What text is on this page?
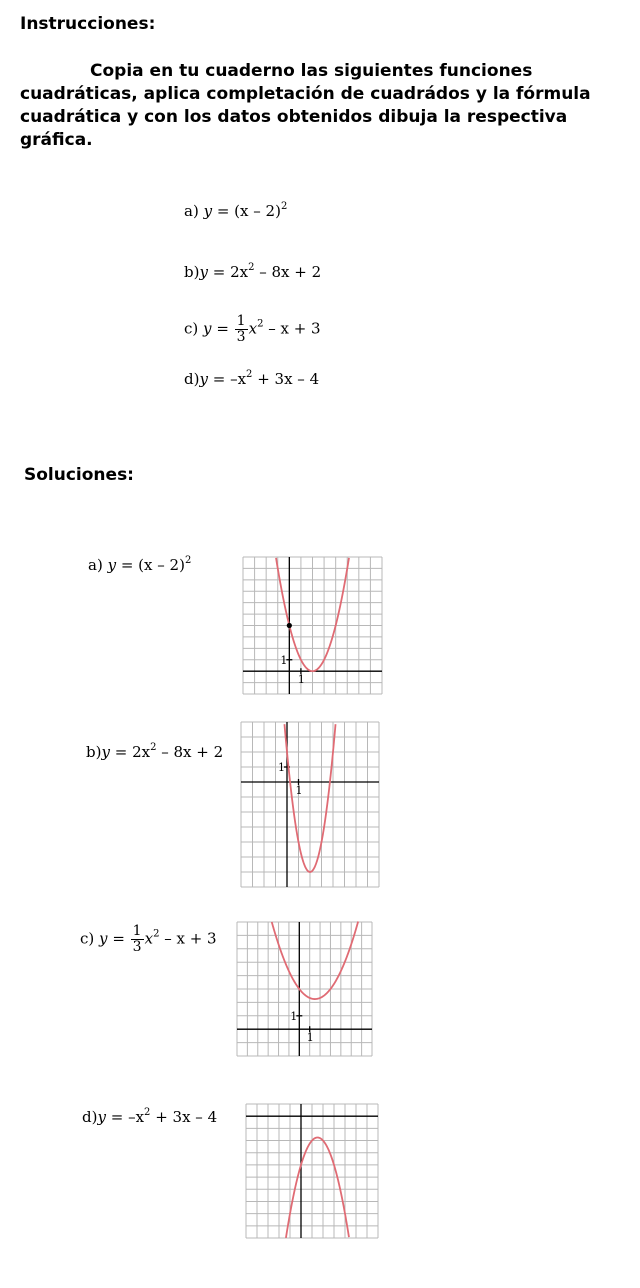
Instrucciones:
Copia en tu cuaderno las siguientes funciones cuadráticas, aplica completación de cuadrádos y la fórmula cuadrática y con los datos obtenidos dibuja la respectiva gráfica.
a) y = (x – 2)$^2$
$b)y = 2x^2 - 8x + 2$
c) $y = \frac{1}{3} x^2 - x + 3$
$d)y = -x^2 + 3x - 4$
Soluciones:
a) y = (x – 2)$^2$
$b)y = 2x^2 - 8x + 2$
c) $y = \frac{1}{3} x^2 - x + 3$
$d)y = -x^2 + 3x - 4$
1
1
1
1
1
1
